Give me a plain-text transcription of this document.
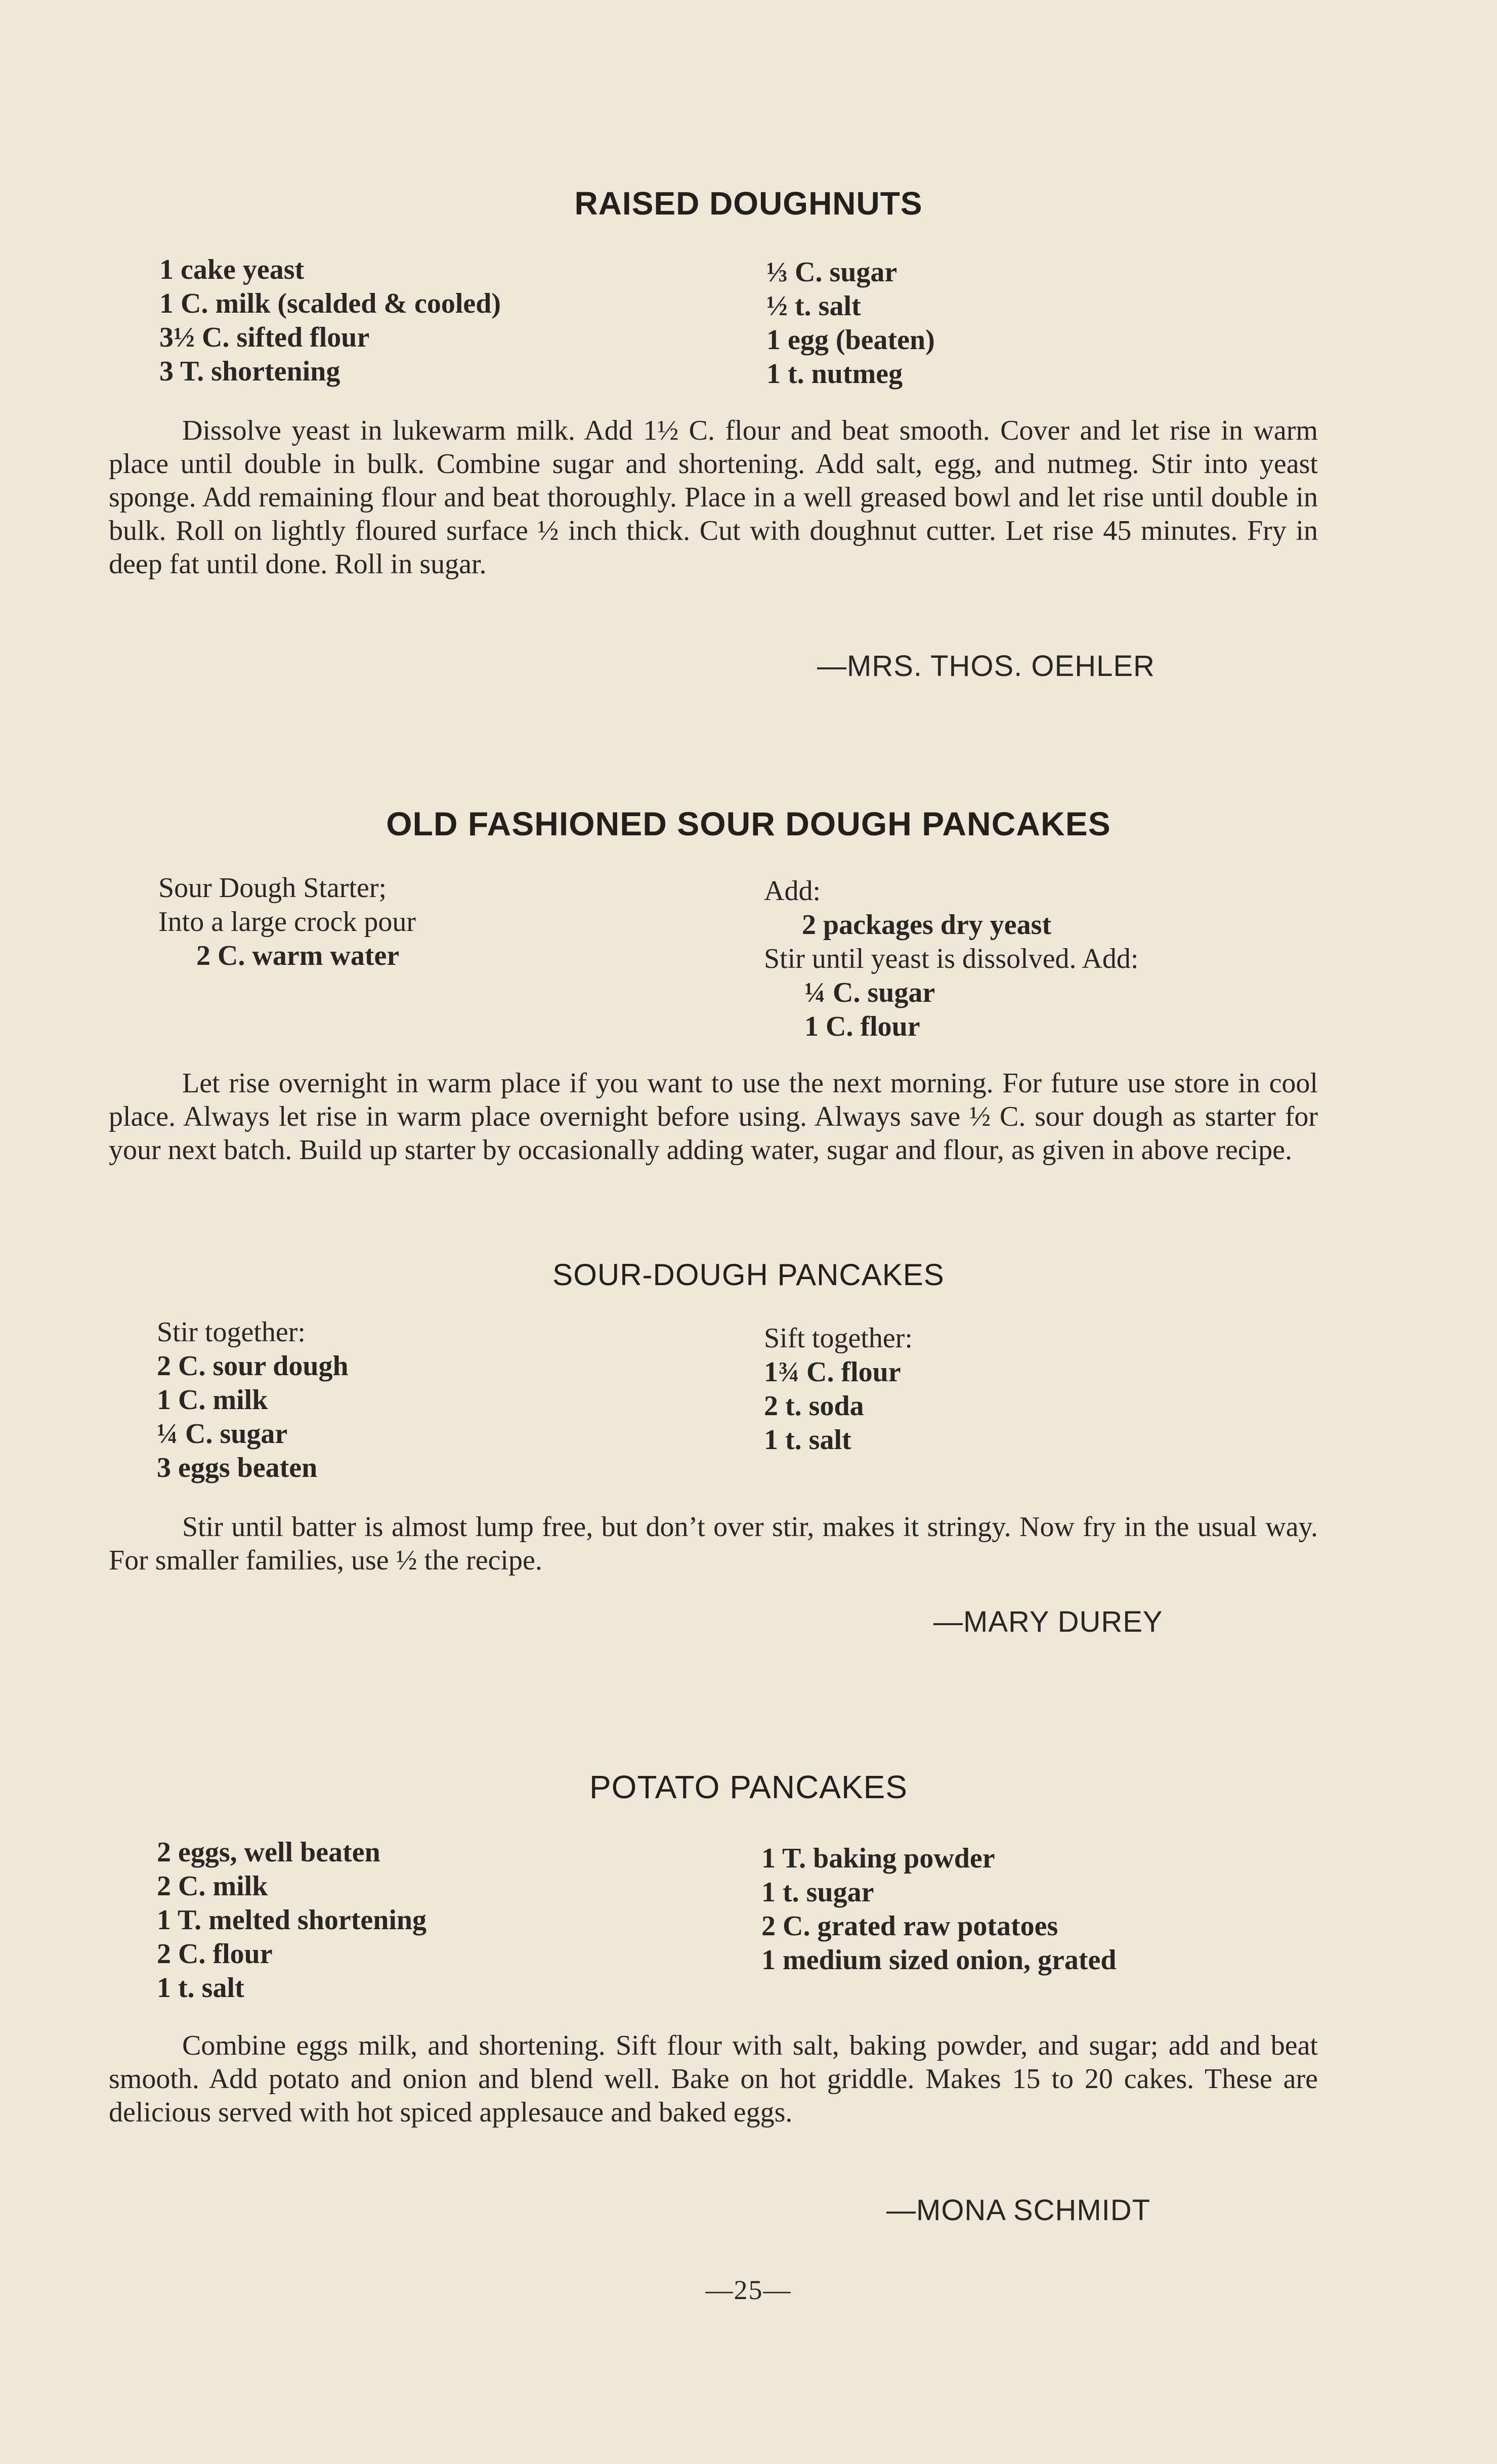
RAISED DOUGHNUTS
1 cake yeast
1 C. milk (scalded & cooled)
3½ C. sifted flour
3 T. shortening
⅓ C. sugar
½ t. salt
1 egg (beaten)
1 t. nutmeg

Dissolve yeast in lukewarm milk. Add 1½ C. flour and beat smooth. Cover and let rise in warm place until double in bulk. Combine sugar and shortening. Add salt, egg, and nutmeg. Stir into yeast sponge. Add remaining flour and beat thoroughly. Place in a well greased bowl and let rise until double in bulk. Roll on lightly floured surface ½ inch thick. Cut with doughnut cutter. Let rise 45 minutes. Fry in deep fat until done. Roll in sugar.

—MRS. THOS. OEHLER
OLD FASHIONED SOUR DOUGH PANCAKES
Sour Dough Starter;
Into a large crock pour
2 C. warm water
Add:
2 packages dry yeast
Stir until yeast is dissolved. Add:
¼ C. sugar
1 C. flour

Let rise overnight in warm place if you want to use the next morning. For future use store in cool place. Always let rise in warm place overnight before using. Always save ½ C. sour dough as starter for your next batch. Build up starter by occasionally adding water, sugar and flour, as given in above recipe.

SOUR-DOUGH PANCAKES
Stir together:
2 C. sour dough
1 C. milk
¼ C. sugar
3 eggs beaten
Sift together:
1¾ C. flour
2 t. soda
1 t. salt

Stir until batter is almost lump free, but don’t over stir, makes it stringy. Now fry in the usual way. For smaller families, use ½ the recipe.

—MARY DUREY
POTATO PANCAKES
2 eggs, well beaten
2 C. milk
1 T. melted shortening
2 C. flour
1 t. salt
1 T. baking powder
1 t. sugar
2 C. grated raw potatoes
1 medium sized onion, grated

Combine eggs milk, and shortening. Sift flour with salt, baking powder, and sugar; add and beat smooth. Add potato and onion and blend well. Bake on hot griddle. Makes 15 to 20 cakes. These are delicious served with hot spiced applesauce and baked eggs.

—MONA SCHMIDT
—25—
